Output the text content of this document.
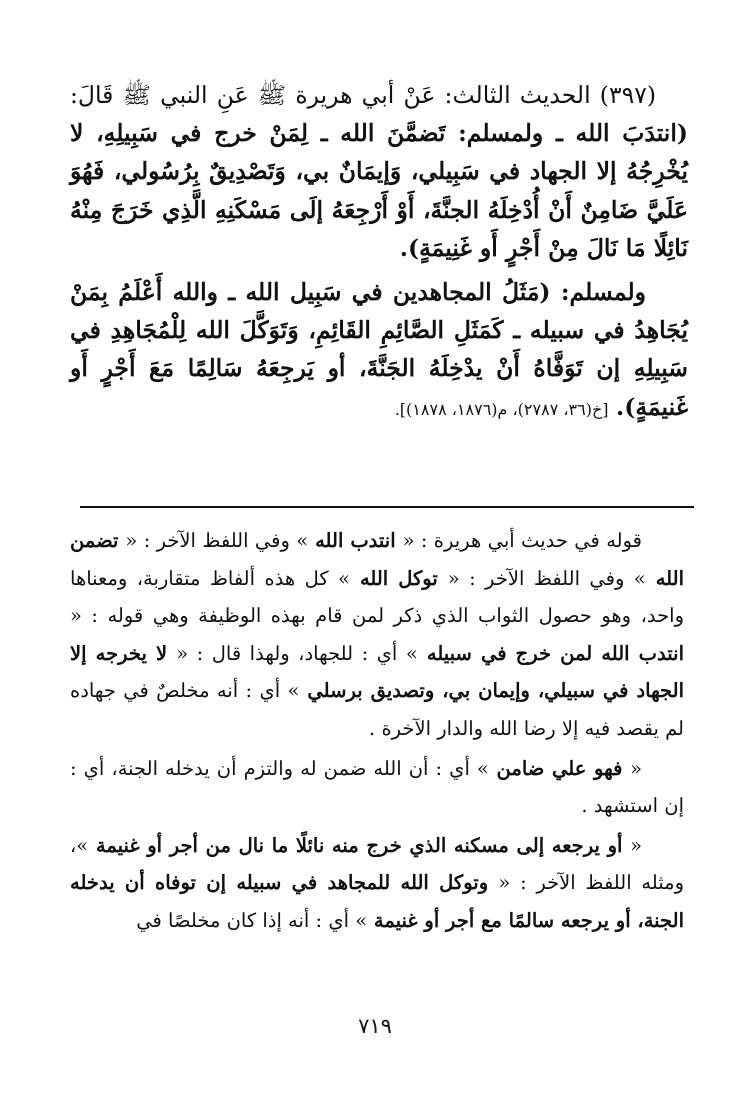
(٣٩٧) الحديث الثالث: عَنْ أبي هريرة ﷺ عَنِ النبي ﷺ قَالَ: (انتدَبَ الله ـ ولمسلم: تَضمَّنَ الله ـ لِمَنْ خرج في سَبِيلِهِ، لا يُخْرِجُهُ إلا الجهاد في سَبِيلي، وَإيمَانٌ بي، وَتَصْدِيقٌ بِرُسُولي، فَهُوَ عَلَيَّ ضَامِنٌ أَنْ أُدْخِلَهُ الجنَّةَ، أَوْ أَرْجِعَهُ إلَى مَسْكَنِهِ الَّذِي خَرَجَ مِنْهُ نَائِلًا مَا نَالَ مِنْ أَجْرٍ أَو غَنِيمَةٍ).

ولمسلم: (مَثَلُ المجاهدين في سَبِيل الله ـ والله أَعْلَمُ بِمَنْ يُجَاهِدُ في سبيله ـ كَمَثَلِ الصَّائِمِ القَائِمِ، وَتَوَكَّلَ الله لِلْمُجَاهِدِ في سَبِيلِهِ إن تَوَفَّاهُ أَنْ يدْخِلَهُ الجَنَّةَ، أو يَرجِعَهُ سَالِمًا مَعَ أَجْرٍ أَو غَنيمَةٍ). [خ(٣٦، ٢٧٨٧)، م(١٨٧٦، ١٨٧٨)].

قوله في حديث أبي هريرة : « انتدب الله » وفي اللفظ الآخر : « تضمن الله » وفي اللفظ الآخر : « توكل الله » كل هذه ألفاظ متقاربة، ومعناها واحد، وهو حصول الثواب الذي ذكر لمن قام بهذه الوظيفة وهي قوله : « انتدب الله لمن خرج في سبيله » أي : للجهاد، ولهذا قال : « لا يخرجه إلا الجهاد في سبيلي، وإيمان بي، وتصديق برسلي » أي : أنه مخلصٌ في جهاده لم يقصد فيه إلا رضا الله والدار الآخرة .

« فهو علي ضامن » أي : أن الله ضمن له والتزم أن يدخله الجنة، أي : إن استشهد .

« أو يرجعه إلى مسكنه الذي خرج منه نائلًا ما نال من أجر أو غنيمة »، ومثله اللفظ الآخر : « وتوكل الله للمجاهد في سبيله إن توفاه أن يدخله الجنة، أو يرجعه سالمًا مع أجر أو غنيمة » أي : أنه إذا كان مخلصًا في

٧١٩
